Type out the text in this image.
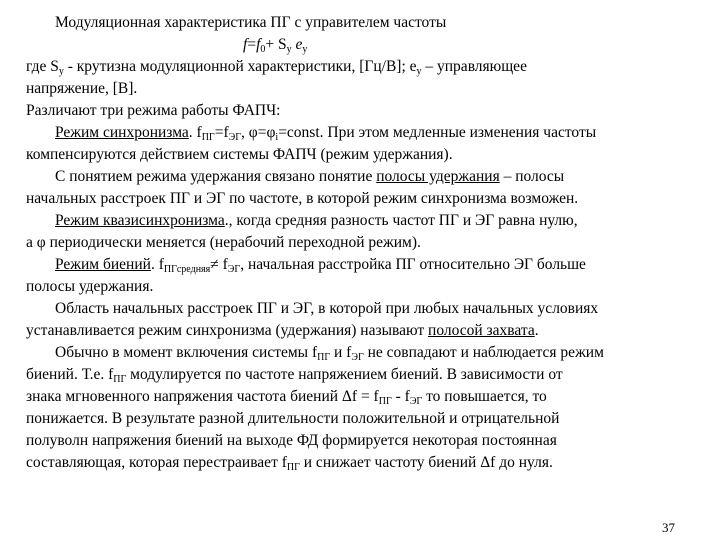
Модуляционная характеристика ПГ с управителем частоты
$f=f_0+ S_у$ $e_у$
где $S_у$ - крутизна модуляционной характеристики, [Гц/В]; $e_у$ – управляющее
напряжение, [В].
Различают три режима работы ФАПЧ:
Режим синхронизма. $f_{ПГ}=f_{ЭГ}$, $\varphi=\varphi_i=const$. При этом медленные изменения частоты
компенсируются действием системы ФАПЧ (режим удержания).
С понятием режима удержания связано понятие полосы удержания – полосы
начальных расстроек ПГ и ЭГ по частоте, в которой режим синхронизма возможен.
Режим квазисинхронизма., когда средняя разность частот ПГ и ЭГ равна нулю,
а φ периодически меняется (нерабочий переходной режим).
Режим биений. $f_{ПГсредняя}\ne f_{ЭГ}$, начальная расстройка ПГ относительно ЭГ больше
полосы удержания.
Область начальных расстроек ПГ и ЭГ, в которой при любых начальных условиях
устанавливается режим синхронизма (удержания) называют полосой захвата.
Обычно в момент включения системы $f_{ПГ}$ и $f_{ЭГ}$ не совпадают и наблюдается режим
биений. Т.е. $f_{ПГ}$ модулируется по частоте напряжением биений. В зависимости от
знака мгновенного напряжения частота биений $\Delta f = f_{ПГ} - f_{ЭГ}$ то повышается, то
понижается. В результате разной длительности положительной и отрицательной
полуволн напряжения биений на выходе ФД формируется некоторая постоянная
составляющая, которая перестраивает $f_{ПГ}$ и снижает частоту биений Δf до нуля.
37
